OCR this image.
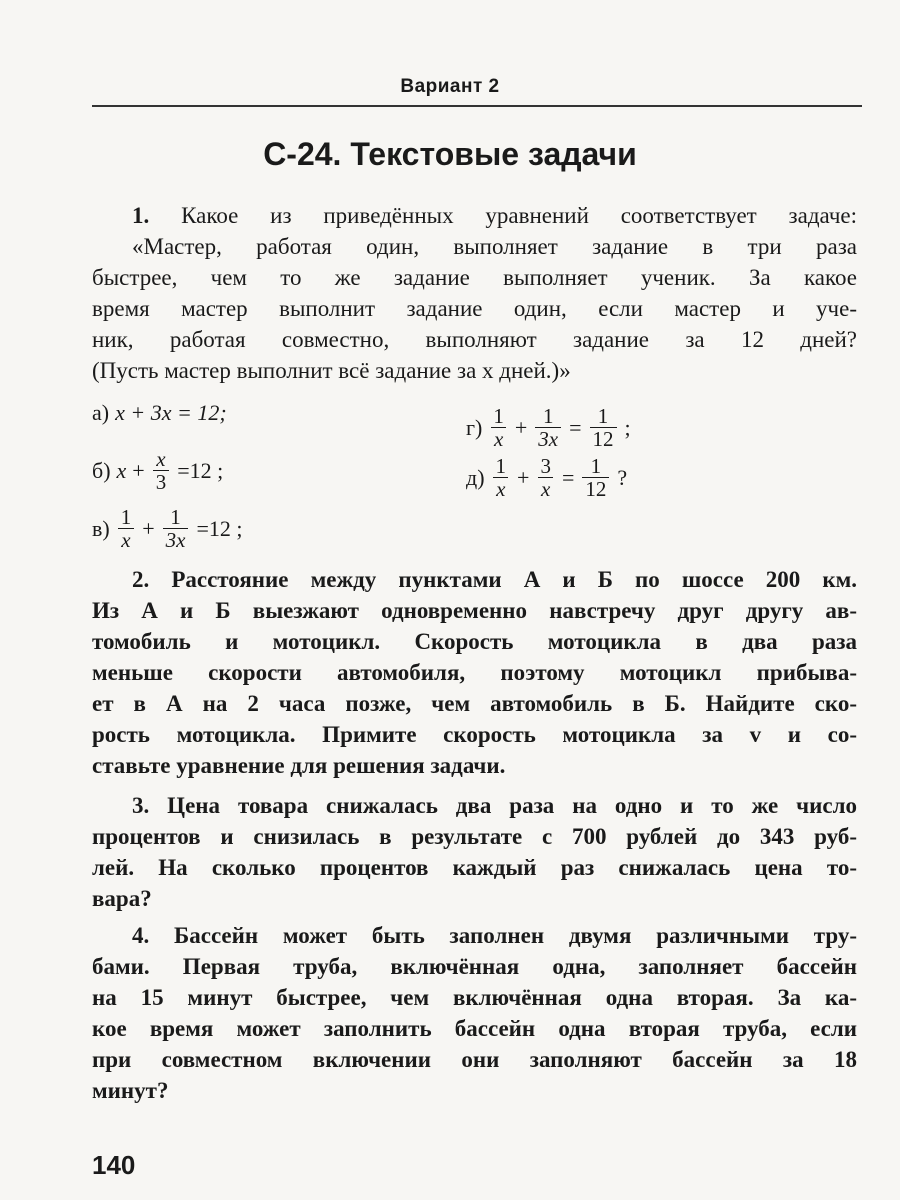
Вариант 2
С-24. Текстовые задачи
1. Какое из приведённых уравнений соответствует задаче:
«Мастер, работая один, выполняет задание в три раза
быстрее, чем то же задание выполняет ученик. За какое
время мастер выполнит задание один, если мастер и уче-
ник, работая совместно, выполняют задание за 12 дней?
(Пусть мастер выполнит всё задание за x дней.)»
а) x + 3x = 12;
б) $x + \frac{x}{3} =12$ ;
$в) \frac{1}{x} + \frac{1}{3x} =12$ ;
$г) \frac{1}{x} + \frac{1}{3x} = \frac{1}{12}$ ;
$д) \frac{1}{x} + \frac{3}{x} = \frac{1}{12}$ ?
2. Расстояние между пунктами А и Б по шоссе 200 км.
Из А и Б выезжают одновременно навстречу друг другу ав-
томобиль и мотоцикл. Скорость мотоцикла в два раза
меньше скорости автомобиля, поэтому мотоцикл прибыва-
ет в А на 2 часа позже, чем автомобиль в Б. Найдите ско-
рость мотоцикла. Примите скорость мотоцикла за v и со-
ставьте уравнение для решения задачи.
3. Цена товара снижалась два раза на одно и то же число
процентов и снизилась в результате с 700 рублей до 343 руб-
лей. На сколько процентов каждый раз снижалась цена то-
вара?
4. Бассейн может быть заполнен двумя различными тру-
бами. Первая труба, включённая одна, заполняет бассейн
на 15 минут быстрее, чем включённая одна вторая. За ка-
кое время может заполнить бассейн одна вторая труба, если
при совместном включении они заполняют бассейн за 18
минут?
140
